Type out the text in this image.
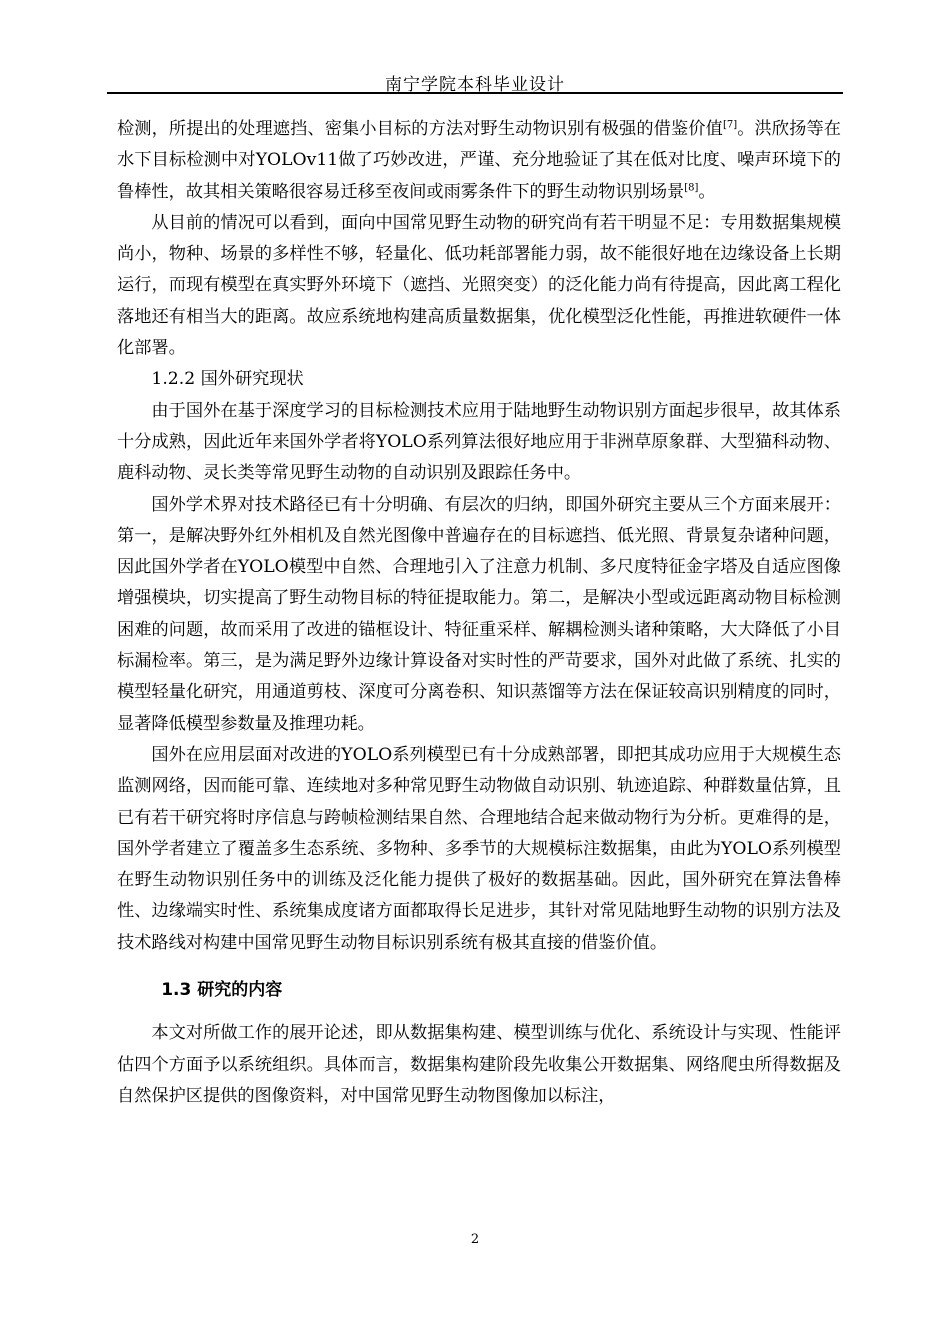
南宁学院本科毕业设计

检测，所提出的处理遮挡、密集小目标的方法对野生动物识别有极强的借鉴价值[7]。洪欣扬等在水下目标检测中对YOLOv11做了巧妙改进，严谨、充分地验证了其在低对比度、噪声环境下的鲁棒性，故其相关策略很容易迁移至夜间或雨雾条件下的野生动物识别场景[8]。

从目前的情况可以看到，面向中国常见野生动物的研究尚有若干明显不足：专用数据集规模尚小，物种、场景的多样性不够，轻量化、低功耗部署能力弱，故不能很好地在边缘设备上长期运行，而现有模型在真实野外环境下（遮挡、光照突变）的泛化能力尚有待提高，因此离工程化落地还有相当大的距离。故应系统地构建高质量数据集，优化模型泛化性能，再推进软硬件一体化部署。

1.2.2 国外研究现状

由于国外在基于深度学习的目标检测技术应用于陆地野生动物识别方面起步很早，故其体系十分成熟，因此近年来国外学者将YOLO系列算法很好地应用于非洲草原象群、大型猫科动物、鹿科动物、灵长类等常见野生动物的自动识别及跟踪任务中。

国外学术界对技术路径已有十分明确、有层次的归纳，即国外研究主要从三个方面来展开：第一，是解决野外红外相机及自然光图像中普遍存在的目标遮挡、低光照、背景复杂诸种问题，因此国外学者在YOLO模型中自然、合理地引入了注意力机制、多尺度特征金字塔及自适应图像增强模块，切实提高了野生动物目标的特征提取能力。第二，是解决小型或远距离动物目标检测困难的问题，故而采用了改进的锚框设计、特征重采样、解耦检测头诸种策略，大大降低了小目标漏检率。第三，是为满足野外边缘计算设备对实时性的严苛要求，国外对此做了系统、扎实的模型轻量化研究，用通道剪枝、深度可分离卷积、知识蒸馏等方法在保证较高识别精度的同时，显著降低模型参数量及推理功耗。

国外在应用层面对改进的YOLO系列模型已有十分成熟部署，即把其成功应用于大规模生态监测网络，因而能可靠、连续地对多种常见野生动物做自动识别、轨迹追踪、种群数量估算，且已有若干研究将时序信息与跨帧检测结果自然、合理地结合起来做动物行为分析。更难得的是，国外学者建立了覆盖多生态系统、多物种、多季节的大规模标注数据集，由此为YOLO系列模型在野生动物识别任务中的训练及泛化能力提供了极好的数据基础。因此，国外研究在算法鲁棒性、边缘端实时性、系统集成度诸方面都取得长足进步，其针对常见陆地野生动物的识别方法及技术路线对构建中国常见野生动物目标识别系统有极其直接的借鉴价值。

1.3 研究的内容

本文对所做工作的展开论述，即从数据集构建、模型训练与优化、系统设计与实现、性能评估四个方面予以系统组织。具体而言，数据集构建阶段先收集公开数据集、网络爬虫所得数据及自然保护区提供的图像资料，对中国常见野生动物图像加以标注，

2
